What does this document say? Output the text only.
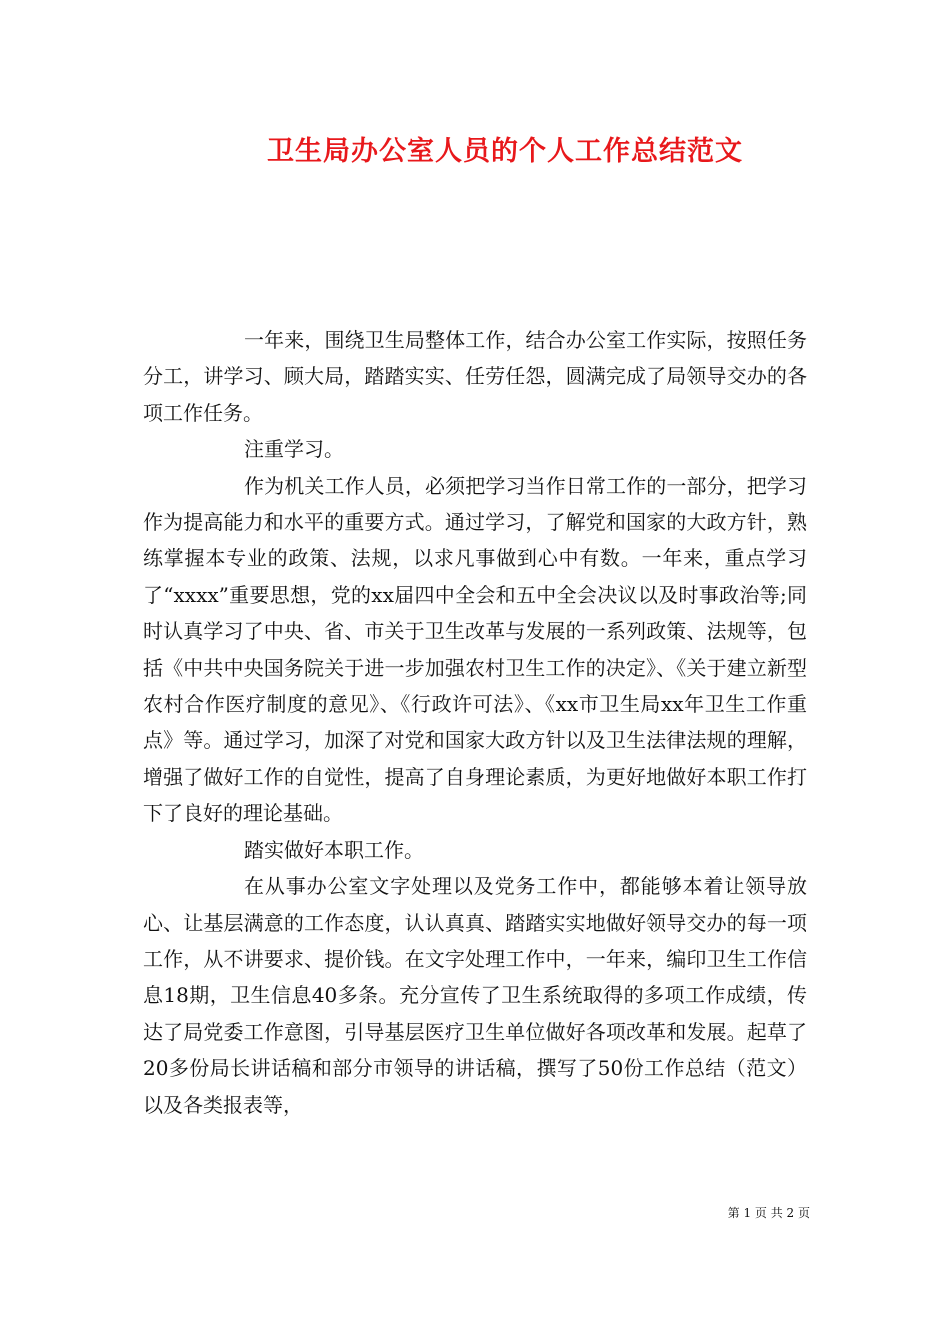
卫生局办公室人员的个人工作总结范文

一年来，围绕卫生局整体工作，结合办公室工作实际，按照任务分工，讲学习、顾大局，踏踏实实、任劳任怨，圆满完成了局领导交办的各项工作任务。

注重学习。

作为机关工作人员，必须把学习当作日常工作的一部分，把学习作为提高能力和水平的重要方式。通过学习，了解党和国家的大政方针，熟练掌握本专业的政策、法规，以求凡事做到心中有数。一年来，重点学习了“xxxx”重要思想，党的xx届四中全会和五中全会决议以及时事政治等;同时认真学习了中央、省、市关于卫生改革与发展的一系列政策、法规等，包括《中共中央国务院关于进一步加强农村卫生工作的决定》、《关于建立新型农村合作医疗制度的意见》、《行政许可法》、《xx市卫生局xx年卫生工作重点》等。通过学习，加深了对党和国家大政方针以及卫生法律法规的理解，增强了做好工作的自觉性，提高了自身理论素质，为更好地做好本职工作打下了良好的理论基础。

踏实做好本职工作。

在从事办公室文字处理以及党务工作中，都能够本着让领导放心、让基层满意的工作态度，认认真真、踏踏实实地做好领导交办的每一项工作，从不讲要求、提价钱。在文字处理工作中，一年来，编印卫生工作信息18期，卫生信息40多条。充分宣传了卫生系统取得的多项工作成绩，传达了局党委工作意图，引导基层医疗卫生单位做好各项改革和发展。起草了20多份局长讲话稿和部分市领导的讲话稿，撰写了50份工作总结（范文）以及各类报表等，

第 1 页 共 2 页
